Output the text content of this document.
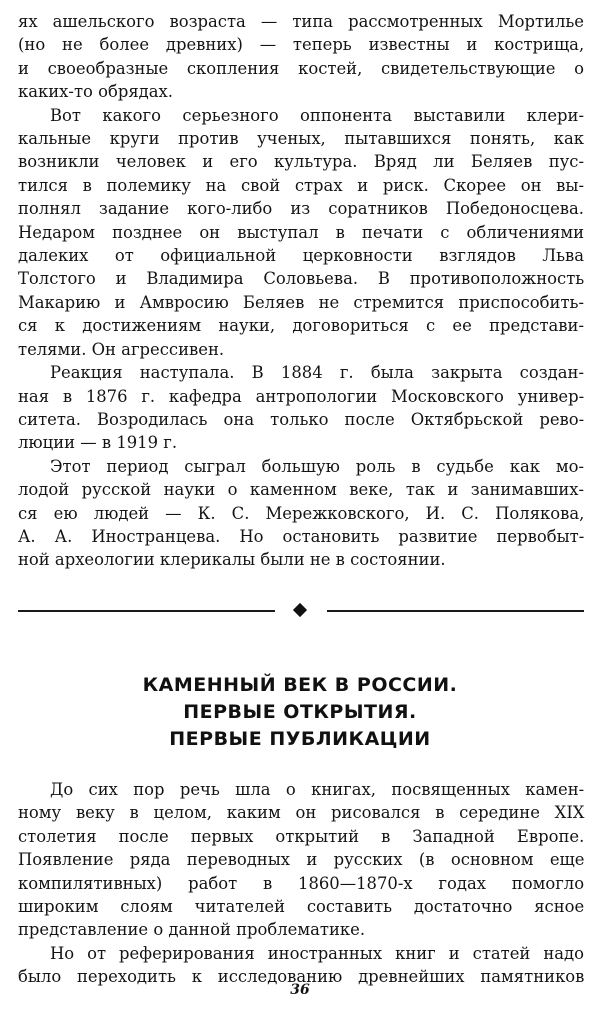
ях ашельского возраста — типа рассмотренных Мортилье
(но не более древних) — теперь известны и кострища,
и своеобразные скопления костей, свидетельствующие о
каких-то обрядах.
Вот какого серьезного оппонента выставили клери-
кальные круги против ученых, пытавшихся понять, как
возникли человек и его культура. Вряд ли Беляев пус-
тился в полемику на свой страх и риск. Скорее он вы-
полнял задание кого-либо из соратников Победоносцева.
Недаром позднее он выступал в печати с обличениями
далеких от официальной церковности взглядов Льва
Толстого и Владимира Соловьева. В противоположность
Макарию и Амвросию Беляев не стремится приспособить-
ся к достижениям науки, договориться с ее представи-
телями. Он агрессивен.
Реакция наступала. В 1884 г. была закрыта создан-
ная в 1876 г. кафедра антропологии Московского универ-
ситета. Возродилась она только после Октябрьской рево-
люции — в 1919 г.
Этот период сыграл большую роль в судьбе как мо-
лодой русской науки о каменном веке, так и занимавших-
ся ею людей — К. С. Мережковского, И. С. Полякова,
А. А. Иностранцева. Но остановить развитие первобыт-
ной археологии клерикалы были не в состоянии.
КАМЕННЫЙ ВЕК В РОССИИ.
ПЕРВЫЕ ОТКРЫТИЯ.
ПЕРВЫЕ ПУБЛИКАЦИИ
До сих пор речь шла о книгах, посвященных камен-
ному веку в целом, каким он рисовался в середине XIX
столетия после первых открытий в Западной Европе.
Появление ряда переводных и русских (в основном еще
компилятивных) работ в 1860—1870-х годах помогло
широким слоям читателей составить достаточно ясное
представление о данной проблематике.
Но от реферирования иностранных книг и статей надо
было переходить к исследованию древнейших памятников
36
